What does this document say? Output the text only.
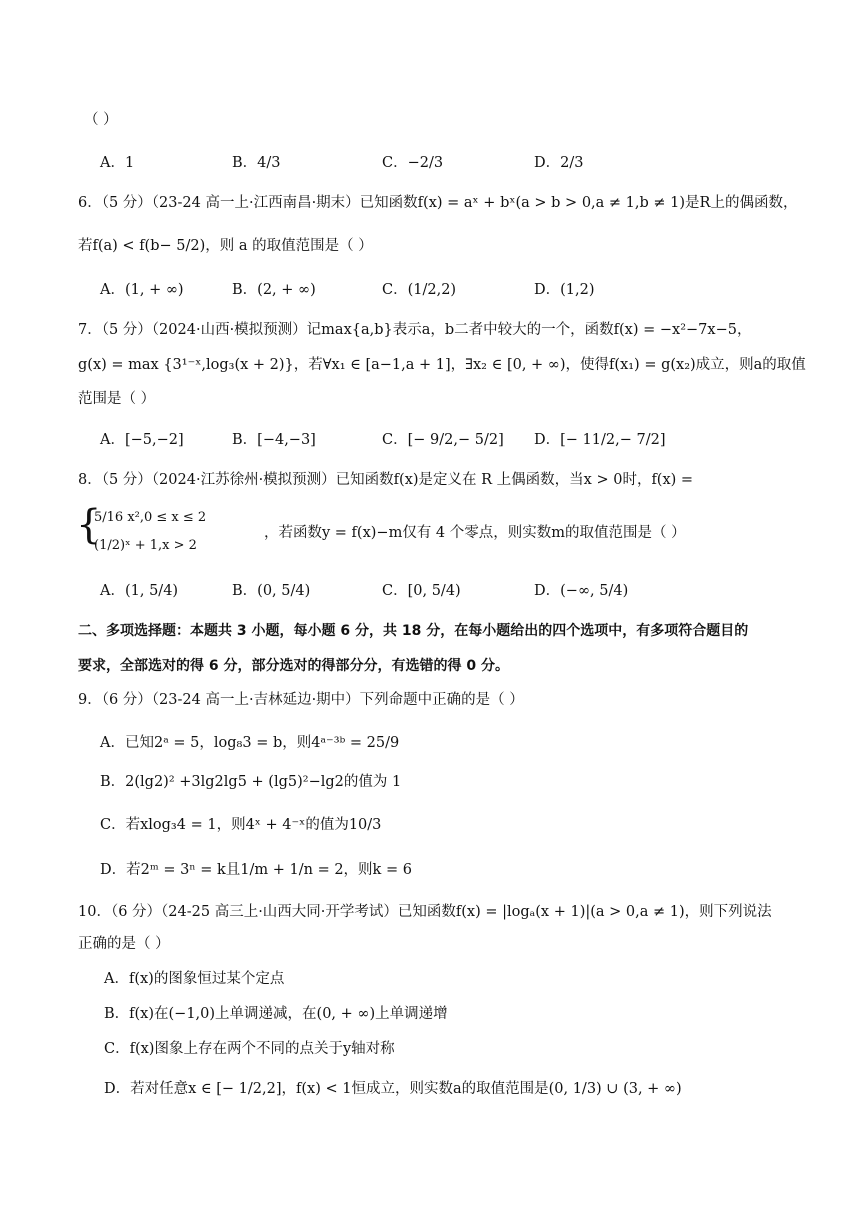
（ ）
A．1	B．4/3	C．−2/3	D．2/3
6．（5 分）（23-24 高一上·江西南昌·期末）已知函数f(x) = aˣ + bˣ(a > b > 0,a ≠ 1,b ≠ 1)是R上的偶函数，
若f(a) < f(b− 5/2)，则 a 的取值范围是（ ）
A．(1, + ∞)	B．(2, + ∞)	C．(1/2,2)	D．(1,2)
7．（5 分）（2024·山西·模拟预测）记max{a,b}表示a，b二者中较大的一个，函数f(x) = −x²−7x−5，
g(x) = max {3¹⁻ˣ,log₃(x + 2)}，若∀x₁ ∈ [a−1,a + 1]，∃x₂ ∈ [0, + ∞)，使得f(x₁) = g(x₂)成立，则a的取值
范围是（ ）
A．[−5,−2]	B．[−4,−3]	C．[− 9/2,− 5/2] D．[− 11/2,− 7/2]
8．（5 分）（2024·江苏徐州·模拟预测）已知函数f(x)是定义在 R 上偶函数，当x > 0时，f(x) =
{
5/16 x²,0 ≤ x ≤ 2
(1/2)ˣ + 1,x > 2
，若函数y = f(x)−m仅有 4 个零点，则实数m的取值范围是（ ）
A．(1, 5/4)	B．(0, 5/4)	C．[0, 5/4)	D．(−∞, 5/4)
二、多项选择题：本题共 3 小题，每小题 6 分，共 18 分，在每小题给出的四个选项中，有多项符合题目的
要求，全部选对的得 6 分，部分选对的得部分分，有选错的得 0 分。
9．（6 分）（23-24 高一上·吉林延边·期中）下列命题中正确的是（ ）
A．已知2ᵃ = 5，log₈3 = b，则4ᵃ⁻³ᵇ = 25/9
B．2(lg2)² +3lg2lg5 + (lg5)²−lg2的值为 1
C．若xlog₃4 = 1，则4ˣ + 4⁻ˣ的值为10/3
D．若2ᵐ = 3ⁿ = k且1/m + 1/n = 2，则k = 6
10．（6 分）（24-25 高三上·山西大同·开学考试）已知函数f(x) = |logₐ(x + 1)|(a > 0,a ≠ 1)，则下列说法
正确的是（ ）
A．f(x)的图象恒过某个定点
B．f(x)在(−1,0)上单调递减，在(0, + ∞)上单调递增
C．f(x)图象上存在两个不同的点关于y轴对称
D．若对任意x ∈ [− 1/2,2]，f(x) < 1恒成立，则实数a的取值范围是(0, 1/3) ∪ (3, + ∞)
